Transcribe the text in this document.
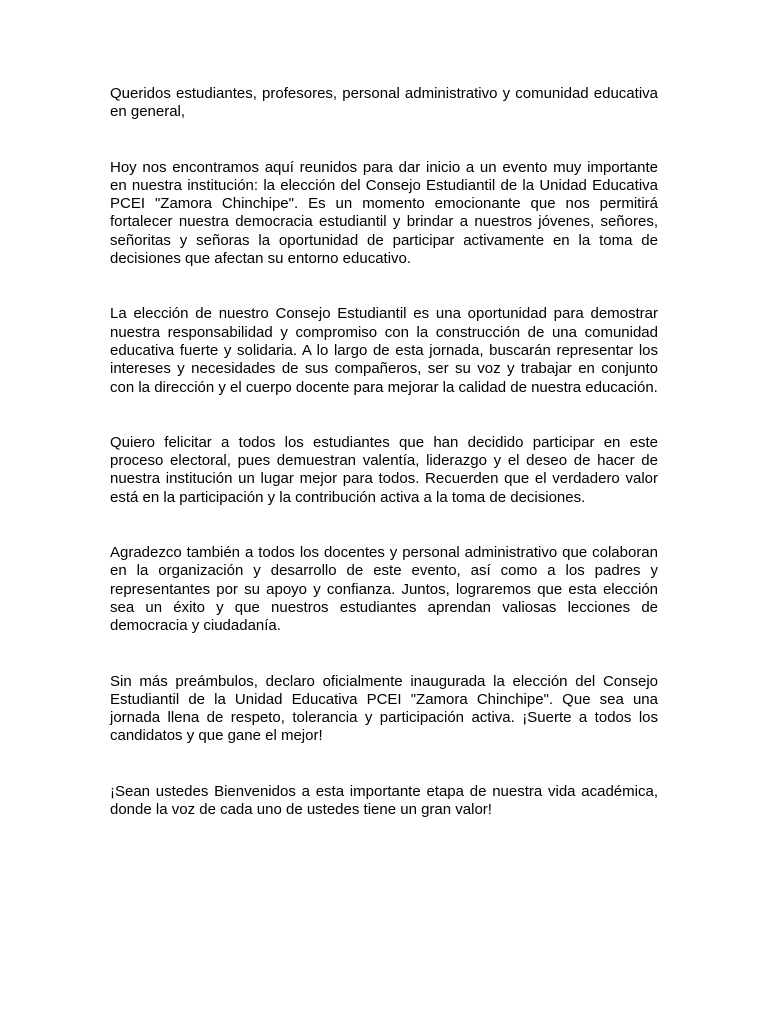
Queridos estudiantes, profesores, personal administrativo y comunidad educativa en general,

Hoy nos encontramos aquí reunidos para dar inicio a un evento muy importante en nuestra institución: la elección del Consejo Estudiantil de la Unidad Educativa PCEI "Zamora Chinchipe". Es un momento emocionante que nos permitirá fortalecer nuestra democracia estudiantil y brindar a nuestros jóvenes, señores, señoritas y señoras la oportunidad de participar activamente en la toma de decisiones que afectan su entorno educativo.

La elección de nuestro Consejo Estudiantil es una oportunidad para demostrar nuestra responsabilidad y compromiso con la construcción de una comunidad educativa fuerte y solidaria. A lo largo de esta jornada, buscarán representar los intereses y necesidades de sus compañeros, ser su voz y trabajar en conjunto con la dirección y el cuerpo docente para mejorar la calidad de nuestra educación.

Quiero felicitar a todos los estudiantes que han decidido participar en este proceso electoral, pues demuestran valentía, liderazgo y el deseo de hacer de nuestra institución un lugar mejor para todos. Recuerden que el verdadero valor está en la participación y la contribución activa a la toma de decisiones.

Agradezco también a todos los docentes y personal administrativo que colaboran en la organización y desarrollo de este evento, así como a los padres y representantes por su apoyo y confianza. Juntos, lograremos que esta elección sea un éxito y que nuestros estudiantes aprendan valiosas lecciones de democracia y ciudadanía.

Sin más preámbulos, declaro oficialmente inaugurada la elección del Consejo Estudiantil de la Unidad Educativa PCEI "Zamora Chinchipe". Que sea una jornada llena de respeto, tolerancia y participación activa. ¡Suerte a todos los candidatos y que gane el mejor!

¡Sean ustedes Bienvenidos a esta importante etapa de nuestra vida académica, donde la voz de cada uno de ustedes tiene un gran valor!
